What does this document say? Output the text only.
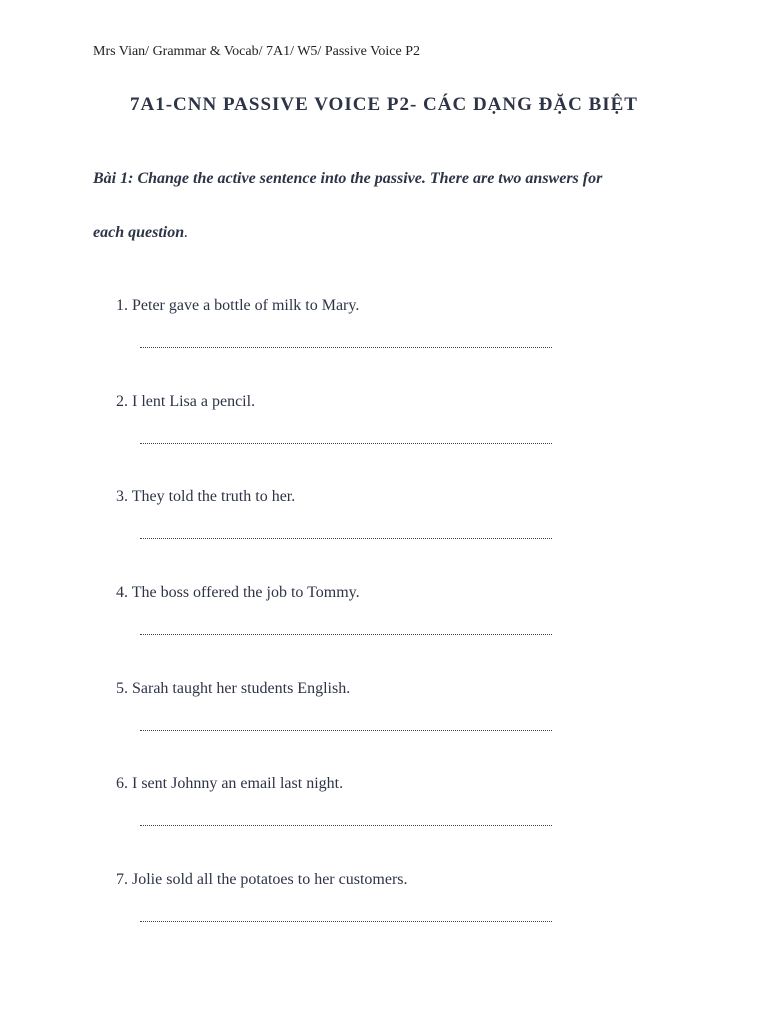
Mrs Vian/ Grammar & Vocab/ 7A1/ W5/ Passive Voice P2
7A1-CNN PASSIVE VOICE P2- CÁC DẠNG ĐẶC BIỆT
Bài 1: Change the active sentence into the passive. There are two answers for
each question.
1. Peter gave a bottle of milk to Mary.
2. I lent Lisa a pencil.
3. They told the truth to her.
4. The boss offered the job to Tommy.
5. Sarah taught her students English.
6. I sent Johnny an email last night.
7. Jolie sold all the potatoes to her customers.
